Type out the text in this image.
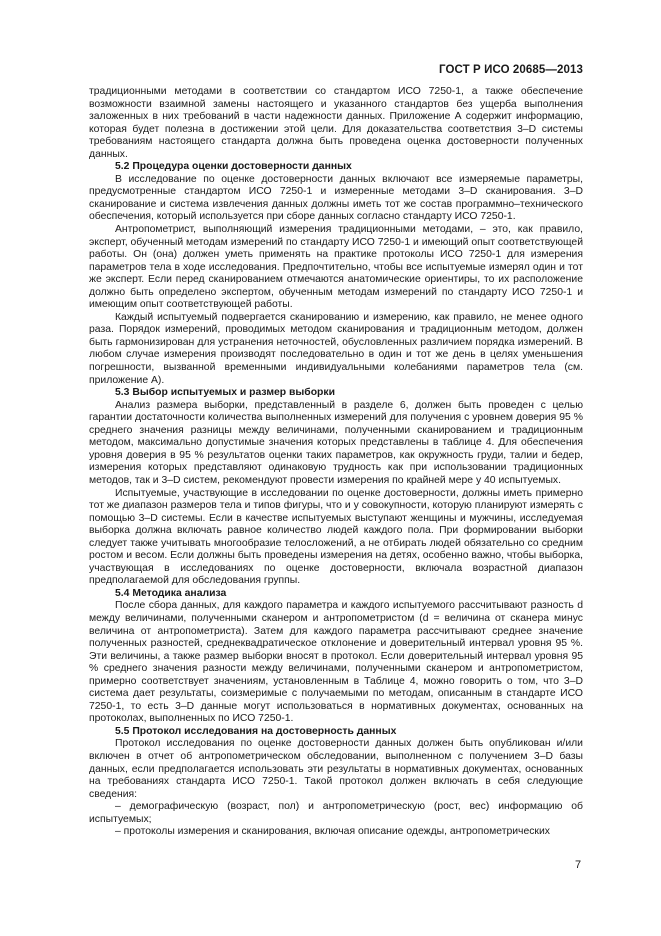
ГОСТ Р ИСО 20685—2013

традиционными методами в соответствии со стандартом ИСО 7250-1, а также обеспечение возможности взаимной замены настоящего и указанного стандартов без ущерба выполнения заложенных в них требований в части надежности данных. Приложение А содержит информацию, которая будет полезна в достижении этой цели. Для доказательства соответствия 3–D системы требованиям настоящего стандарта должна быть проведена оценка достоверности полученных данных.

5.2 Процедура оценки достоверности данных

В исследование по оценке достоверности данных включают все измеряемые параметры, предусмотренные стандартом ИСО 7250-1 и измеренные методами 3–D сканирования. 3–D сканирование и система извлечения данных должны иметь тот же состав программно–технического обеспечения, который используется при сборе данных согласно стандарту ИСО 7250-1.

Антропометрист, выполняющий измерения традиционными методами, – это, как правило, эксперт, обученный методам измерений по стандарту ИСО 7250-1 и имеющий опыт соответствующей работы. Он (она) должен уметь применять на практике протоколы ИСО 7250-1 для измерения параметров тела в ходе исследования. Предпочтительно, чтобы все испытуемые измерял один и тот же эксперт. Если перед сканированием отмечаются анатомические ориентиры, то их расположение должно быть определено экспертом, обученным методам измерений по стандарту ИСО 7250-1 и имеющим опыт соответствующей работы.

Каждый испытуемый подвергается сканированию и измерению, как правило, не менее одного раза. Порядок измерений, проводимых методом сканирования и традиционным методом, должен быть гармонизирован для устранения неточностей, обусловленных различием порядка измерений. В любом случае измерения производят последовательно в один и тот же день в целях уменьшения погрешности, вызванной временными индивидуальными колебаниями параметров тела (см. приложение А).

5.3 Выбор испытуемых и размер выборки

Анализ размера выборки, представленный в разделе 6, должен быть проведен с целью гарантии достаточности количества выполненных измерений для получения с уровнем доверия 95 % среднего значения разницы между величинами, полученными сканированием и традиционным методом, максимально допустимые значения которых представлены в таблице 4. Для обеспечения уровня доверия в 95 % результатов оценки таких параметров, как окружность груди, талии и бедер, измерения которых представляют одинаковую трудность как при использовании традиционных методов, так и 3–D систем, рекомендуют провести измерения по крайней мере у 40 испытуемых.

Испытуемые, участвующие в исследовании по оценке достоверности, должны иметь примерно тот же диапазон размеров тела и типов фигуры, что и у совокупности, которую планируют измерять с помощью 3–D системы. Если в качестве испытуемых выступают женщины и мужчины, исследуемая выборка должна включать равное количество людей каждого пола. При формировании выборки следует также учитывать многообразие телосложений, а не отбирать людей обязательно со средним ростом и весом. Если должны быть проведены измерения на детях, особенно важно, чтобы выборка, участвующая в исследованиях по оценке достоверности, включала возрастной диапазон предполагаемой для обследования группы.

5.4 Методика анализа

После сбора данных, для каждого параметра и каждого испытуемого рассчитывают разность d между величинами, полученными сканером и антропометристом (d = величина от сканера минус величина от антропометриста). Затем для каждого параметра рассчитывают среднее значение полученных разностей, среднеквадратическое отклонение и доверительный интервал уровня 95 %. Эти величины, а также размер выборки вносят в протокол. Если доверительный интервал уровня 95 % среднего значения разности между величинами, полученными сканером и антропометристом, примерно соответствует значениям, установленным в Таблице 4, можно говорить о том, что 3–D система дает результаты, соизмеримые с получаемыми по методам, описанным в стандарте ИСО 7250-1, то есть 3–D данные могут использоваться в нормативных документах, основанных на протоколах, выполненных по ИСО 7250-1.

5.5 Протокол исследования на достоверность данных

Протокол исследования по оценке достоверности данных должен быть опубликован и/или включен в отчет об антропометрическом обследовании, выполненном с получением 3–D базы данных, если предполагается использовать эти результаты в нормативных документах, основанных на требованиях стандарта ИСО 7250-1. Такой протокол должен включать в себя следующие сведения:

– демографическую (возраст, пол) и антропометрическую (рост, вес) информацию об испытуемых;

– протоколы измерения и сканирования, включая описание одежды, антропометрических

7
